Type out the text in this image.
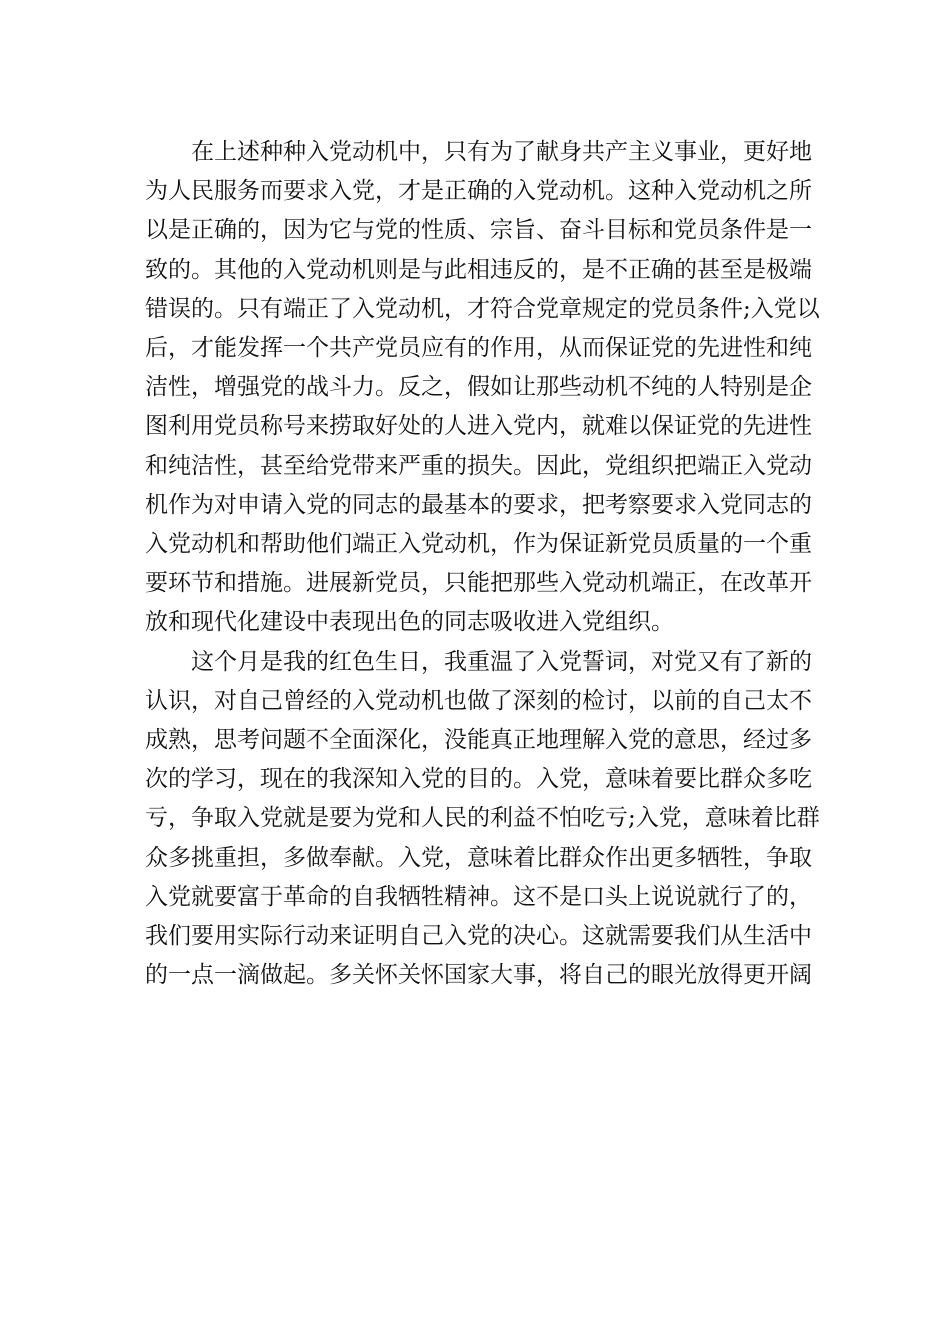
在上述种种入党动机中，只有为了献身共产主义事业，更好地
为人民服务而要求入党，才是正确的入党动机。这种入党动机之所
以是正确的，因为它与党的性质、宗旨、奋斗目标和党员条件是一
致的。其他的入党动机则是与此相违反的，是不正确的甚至是极端
错误的。只有端正了入党动机，才符合党章规定的党员条件;入党以
后，才能发挥一个共产党员应有的作用，从而保证党的先进性和纯
洁性，增强党的战斗力。反之，假如让那些动机不纯的人特别是企
图利用党员称号来捞取好处的人进入党内，就难以保证党的先进性
和纯洁性，甚至给党带来严重的损失。因此，党组织把端正入党动
机作为对申请入党的同志的最基本的要求，把考察要求入党同志的
入党动机和帮助他们端正入党动机，作为保证新党员质量的一个重
要环节和措施。进展新党员，只能把那些入党动机端正，在改革开
放和现代化建设中表现出色的同志吸收进入党组织。

这个月是我的红色生日，我重温了入党誓词，对党又有了新的
认识，对自己曾经的入党动机也做了深刻的检讨，以前的自己太不
成熟，思考问题不全面深化，没能真正地理解入党的意思，经过多
次的学习，现在的我深知入党的目的。入党，意味着要比群众多吃
亏，争取入党就是要为党和人民的利益不怕吃亏;入党，意味着比群
众多挑重担，多做奉献。入党，意味着比群众作出更多牺牲，争取
入党就要富于革命的自我牺牲精神。这不是口头上说说就行了的，
我们要用实际行动来证明自己入党的决心。这就需要我们从生活中
的一点一滴做起。多关怀关怀国家大事，将自己的眼光放得更开阔
